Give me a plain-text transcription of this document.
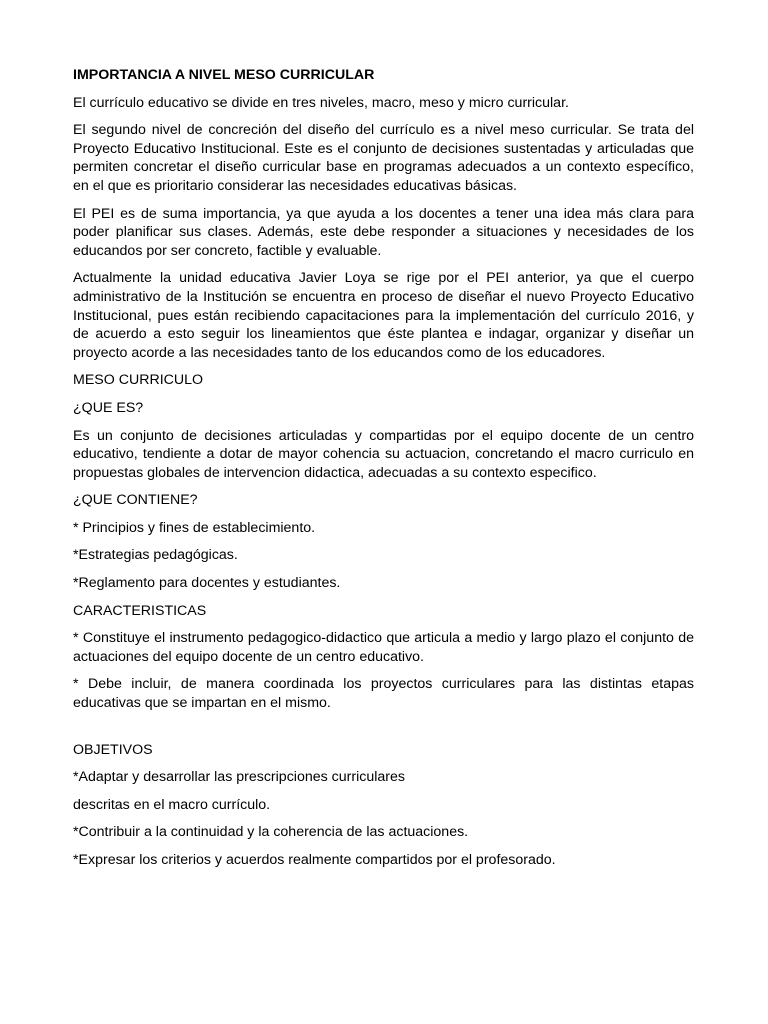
IMPORTANCIA A NIVEL MESO CURRICULAR

El currículo educativo se divide en tres niveles, macro, meso y micro curricular.

El segundo nivel de concreción del diseño del currículo es a nivel meso curricular. Se trata del Proyecto Educativo Institucional. Este es el conjunto de decisiones sustentadas y articuladas que permiten concretar el diseño curricular base en programas adecuados a un contexto específico, en el que es prioritario considerar las necesidades educativas básicas.

El PEI es de suma importancia, ya que ayuda a los docentes a tener una idea más clara para poder planificar sus clases. Además, este debe responder a situaciones y necesidades de los educandos por ser concreto, factible y evaluable.

Actualmente la unidad educativa Javier Loya se rige por el PEI anterior, ya que el cuerpo administrativo de la Institución se encuentra en proceso de diseñar el nuevo Proyecto Educativo Institucional, pues están recibiendo capacitaciones para la implementación del currículo 2016, y de acuerdo a esto seguir los lineamientos que éste plantea e indagar, organizar y diseñar un proyecto acorde a las necesidades tanto de los educandos como de los educadores.

MESO CURRICULO

¿QUE ES?

Es un conjunto de decisiones articuladas y compartidas por el equipo docente de un centro educativo, tendiente a dotar de mayor cohencia su actuacion, concretando el macro curriculo en propuestas globales de intervencion didactica, adecuadas a su contexto especifico.

¿QUE CONTIENE?

* Principios y fines de establecimiento.

*Estrategias pedagógicas.

*Reglamento para docentes y estudiantes.

CARACTERISTICAS

* Constituye el instrumento pedagogico-didactico que articula a medio y largo plazo el conjunto de actuaciones del equipo docente de un centro educativo.

* Debe incluir, de manera coordinada los proyectos curriculares para las distintas etapas educativas que se impartan en el mismo.

OBJETIVOS

*Adaptar y desarrollar las prescripciones curriculares

descritas en el macro currículo.

*Contribuir a la continuidad y la coherencia de las actuaciones.

*Expresar los criterios y acuerdos realmente compartidos por el profesorado.
